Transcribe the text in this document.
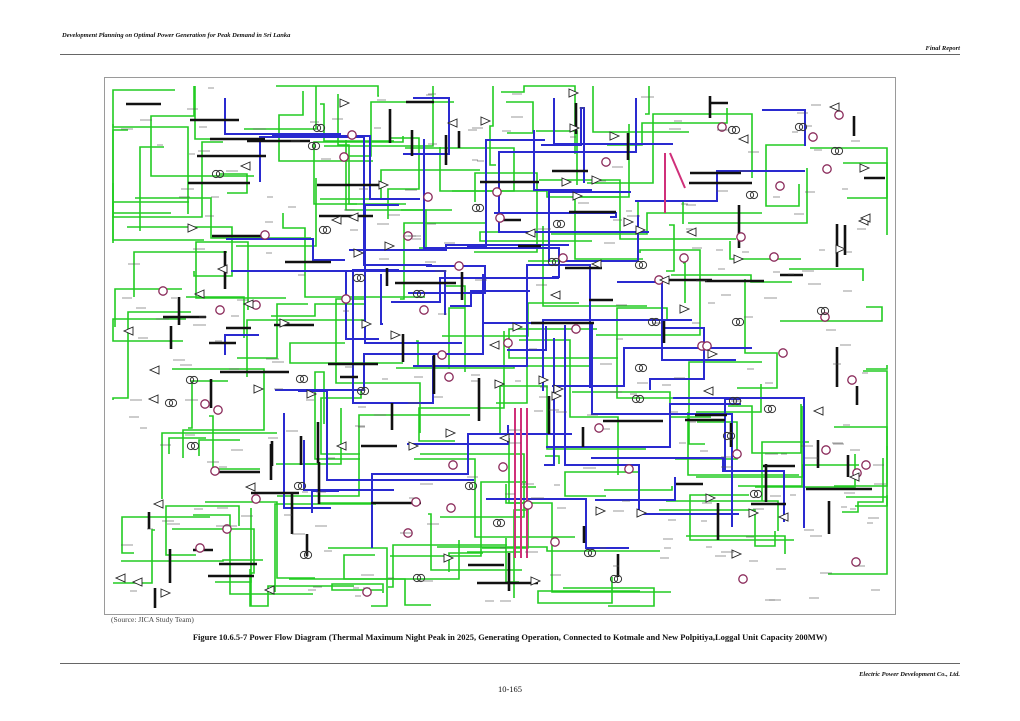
Development Planning on Optimal Power Generation for Peak Demand in Sri Lanka
Final Report
(Source: JICA Study Team)
Figure 10.6.5-7 Power Flow Diagram (Thermal Maximum Night Peak in 2025, Generating Operation, Connected to Kotmale and New Polpitiya,Loggal Unit Capacity 200MW)
Electric Power Development Co., Ltd.
10-165
